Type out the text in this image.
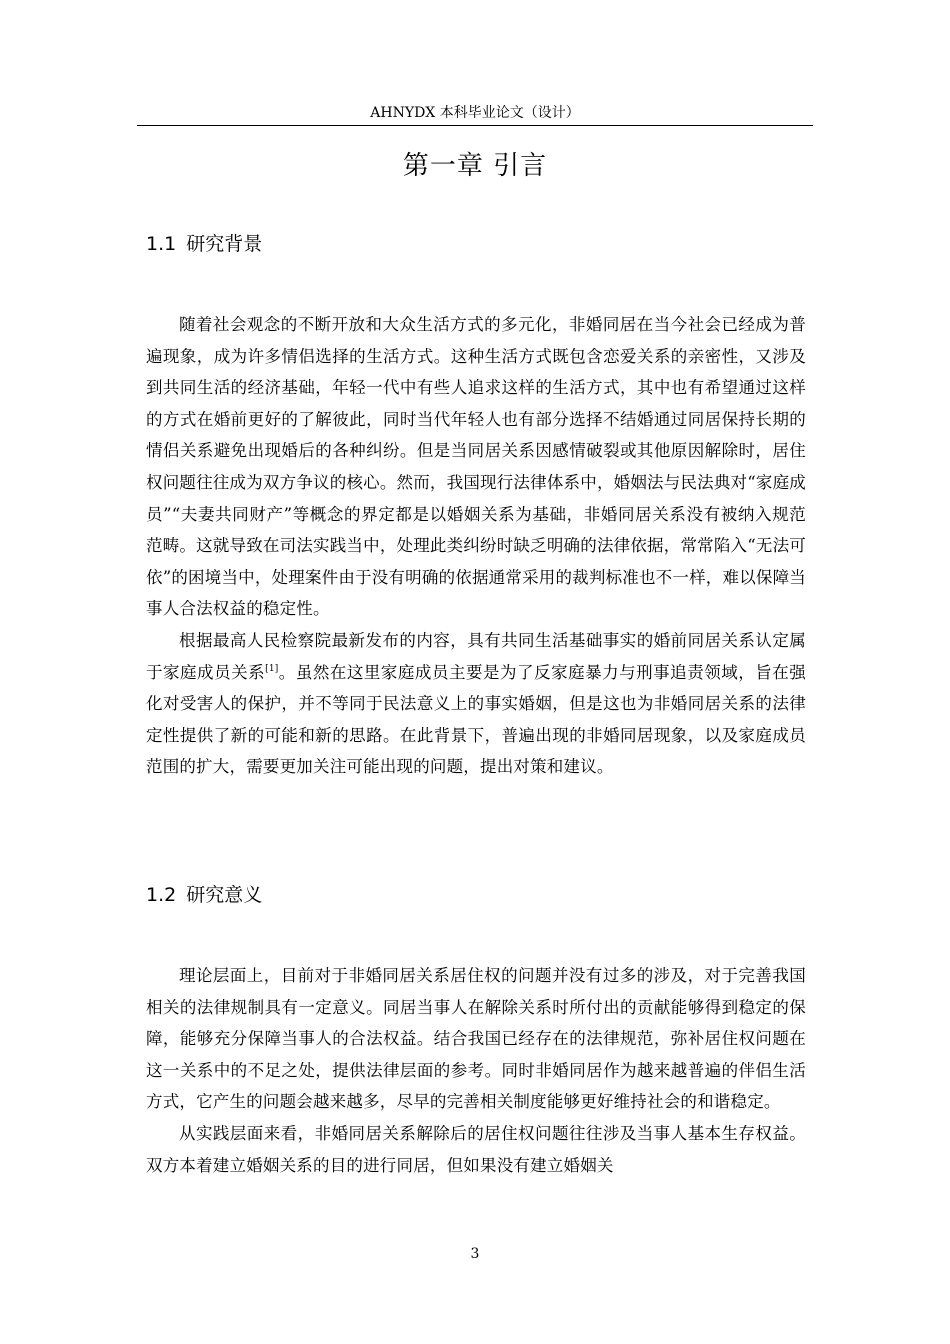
AHNYDX 本科毕业论文（设计）
第一章 引言
1.1 研究背景

随着社会观念的不断开放和大众生活方式的多元化，非婚同居在当今社会已经成为普遍现象，成为许多情侣选择的生活方式。这种生活方式既包含恋爱关系的亲密性，又涉及到共同生活的经济基础，年轻一代中有些人追求这样的生活方式，其中也有希望通过这样的方式在婚前更好的了解彼此，同时当代年轻人也有部分选择不结婚通过同居保持长期的情侣关系避免出现婚后的各种纠纷。但是当同居关系因感情破裂或其他原因解除时，居住权问题往往成为双方争议的核心。然而，我国现行法律体系中，婚姻法与民法典对“家庭成员”“夫妻共同财产”等概念的界定都是以婚姻关系为基础，非婚同居关系没有被纳入规范范畴。这就导致在司法实践当中，处理此类纠纷时缺乏明确的法律依据，常常陷入“无法可依”的困境当中，处理案件由于没有明确的依据通常采用的裁判标准也不一样，难以保障当事人合法权益的稳定性。

根据最高人民检察院最新发布的内容，具有共同生活基础事实的婚前同居关系认定属于家庭成员关系[1]。虽然在这里家庭成员主要是为了反家庭暴力与刑事追责领域，旨在强化对受害人的保护，并不等同于民法意义上的事实婚姻，但是这也为非婚同居关系的法律定性提供了新的可能和新的思路。在此背景下，普遍出现的非婚同居现象，以及家庭成员范围的扩大，需要更加关注可能出现的问题，提出对策和建议。

1.2 研究意义

理论层面上，目前对于非婚同居关系居住权的问题并没有过多的涉及，对于完善我国相关的法律规制具有一定意义。同居当事人在解除关系时所付出的贡献能够得到稳定的保障，能够充分保障当事人的合法权益。结合我国已经存在的法律规范，弥补居住权问题在这一关系中的不足之处，提供法律层面的参考。同时非婚同居作为越来越普遍的伴侣生活方式，它产生的问题会越来越多，尽早的完善相关制度能够更好维持社会的和谐稳定。

从实践层面来看，非婚同居关系解除后的居住权问题往往涉及当事人基本生存权益。双方本着建立婚姻关系的目的进行同居，但如果没有建立婚姻关

3
